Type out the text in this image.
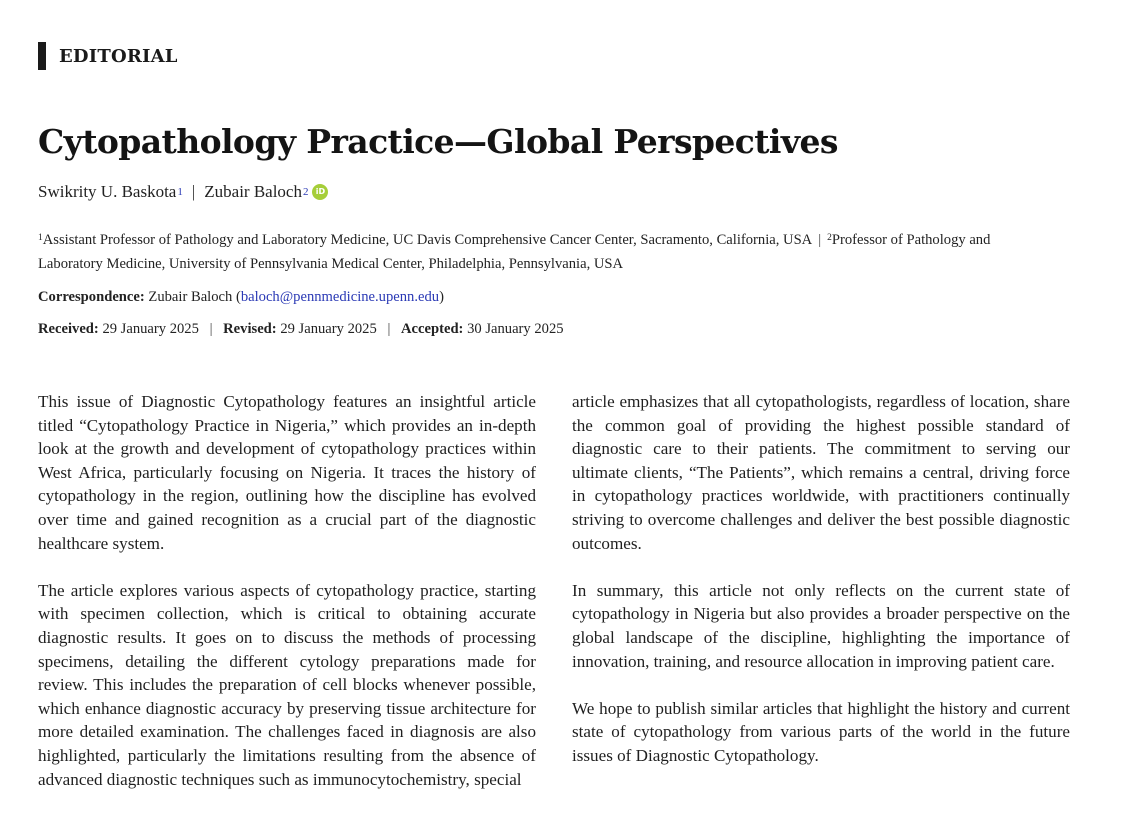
EDITORIAL
Cytopathology Practice—Global Perspectives
Swikrity U. Baskota 1 | Zubair Baloch 2 iD
$^1$Assistant Professor of Pathology and Laboratory Medicine, UC Davis Comprehensive Cancer Center, Sacramento, California, USA | $^2$Professor of Pathology and Laboratory Medicine, University of Pennsylvania Medical Center, Philadelphia, Pennsylvania, USA
Correspondence: Zubair Baloch (baloch@pennmedicine.upenn.edu)
Received: 29 January 2025 | Revised: 29 January 2025 | Accepted: 30 January 2025

This issue of Diagnostic Cytopathology features an insightful article titled “Cytopathology Practice in Nigeria,” which provides an in-depth look at the growth and development of cytopathology practices within West Africa, particularly focusing on Nigeria. It traces the history of cytopathology in the region, outlining how the discipline has evolved over time and gained recognition as a crucial part of the diagnostic healthcare system.

The article explores various aspects of cytopathology practice, starting with specimen collection, which is critical to obtaining accurate diagnostic results. It goes on to discuss the methods of processing specimens, detailing the different cytology preparations made for review. This includes the preparation of cell blocks whenever possible, which enhance diagnostic accuracy by preserving tissue architecture for more detailed examination. The challenges faced in diagnosis are also highlighted, particularly the limitations resulting from the absence of advanced diagnostic techniques such as immunocytochemistry, special

article emphasizes that all cytopathologists, regardless of location, share the common goal of providing the highest possible standard of diagnostic care to their patients. The commitment to serving our ultimate clients, “The Patients”, which remains a central, driving force in cytopathology practices worldwide, with practitioners continually striving to overcome challenges and deliver the best possible diagnostic outcomes.

In summary, this article not only reflects on the current state of cytopathology in Nigeria but also provides a broader perspective on the global landscape of the discipline, highlighting the importance of innovation, training, and resource allocation in improving patient care.

We hope to publish similar articles that highlight the history and current state of cytopathology from various parts of the world in the future issues of Diagnostic Cytopathology.
